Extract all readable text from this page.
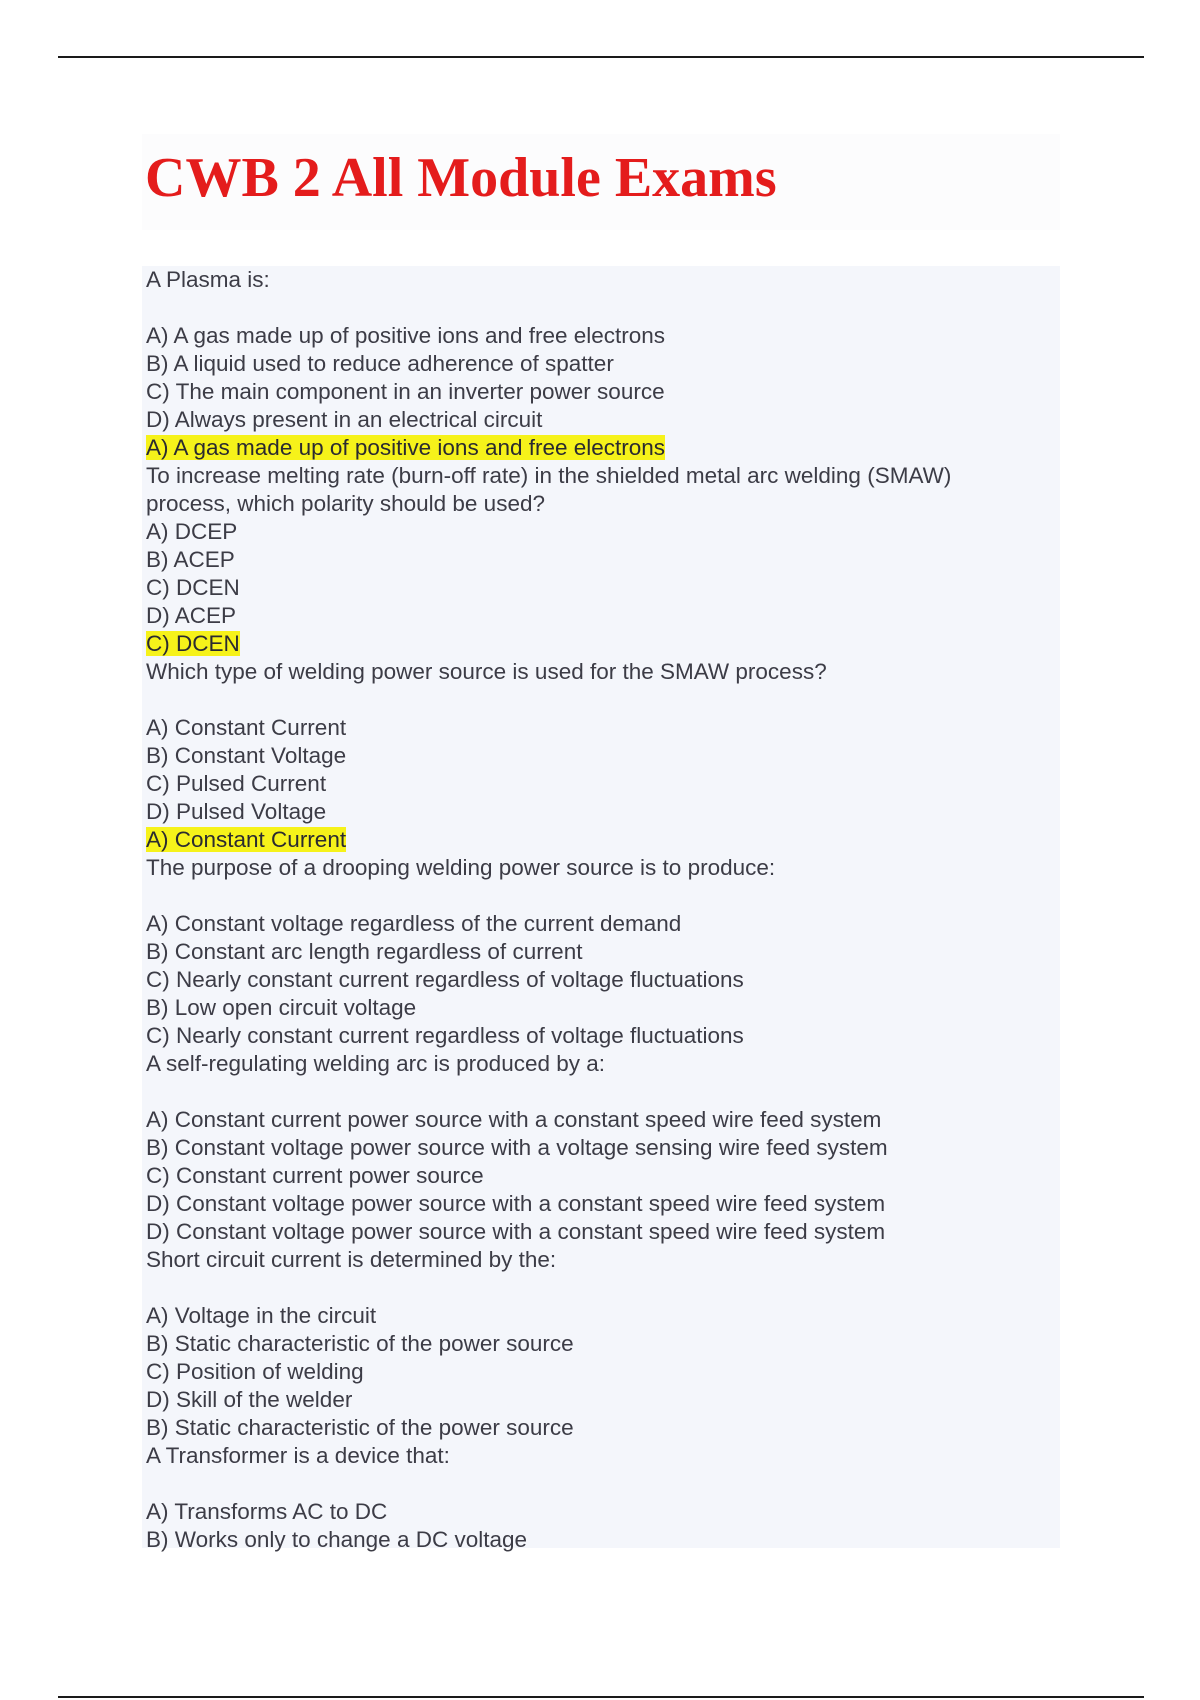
CWB 2 All Module Exams
A Plasma is:
A) A gas made up of positive ions and free electrons
B) A liquid used to reduce adherence of spatter
C) The main component in an inverter power source
D) Always present in an electrical circuit
A) A gas made up of positive ions and free electrons
To increase melting rate (burn-off rate) in the shielded metal arc welding (SMAW)
process, which polarity should be used?
A) DCEP
B) ACEP
C) DCEN
D) ACEP
C) DCEN
Which type of welding power source is used for the SMAW process?
A) Constant Current
B) Constant Voltage
C) Pulsed Current
D) Pulsed Voltage
A) Constant Current
The purpose of a drooping welding power source is to produce:
A) Constant voltage regardless of the current demand
B) Constant arc length regardless of current
C) Nearly constant current regardless of voltage fluctuations
B) Low open circuit voltage
C) Nearly constant current regardless of voltage fluctuations
A self-regulating welding arc is produced by a:
A) Constant current power source with a constant speed wire feed system
B) Constant voltage power source with a voltage sensing wire feed system
C) Constant current power source
D) Constant voltage power source with a constant speed wire feed system
D) Constant voltage power source with a constant speed wire feed system
Short circuit current is determined by the:
A) Voltage in the circuit
B) Static characteristic of the power source
C) Position of welding
D) Skill of the welder
B) Static characteristic of the power source
A Transformer is a device that:
A) Transforms AC to DC
B) Works only to change a DC voltage
